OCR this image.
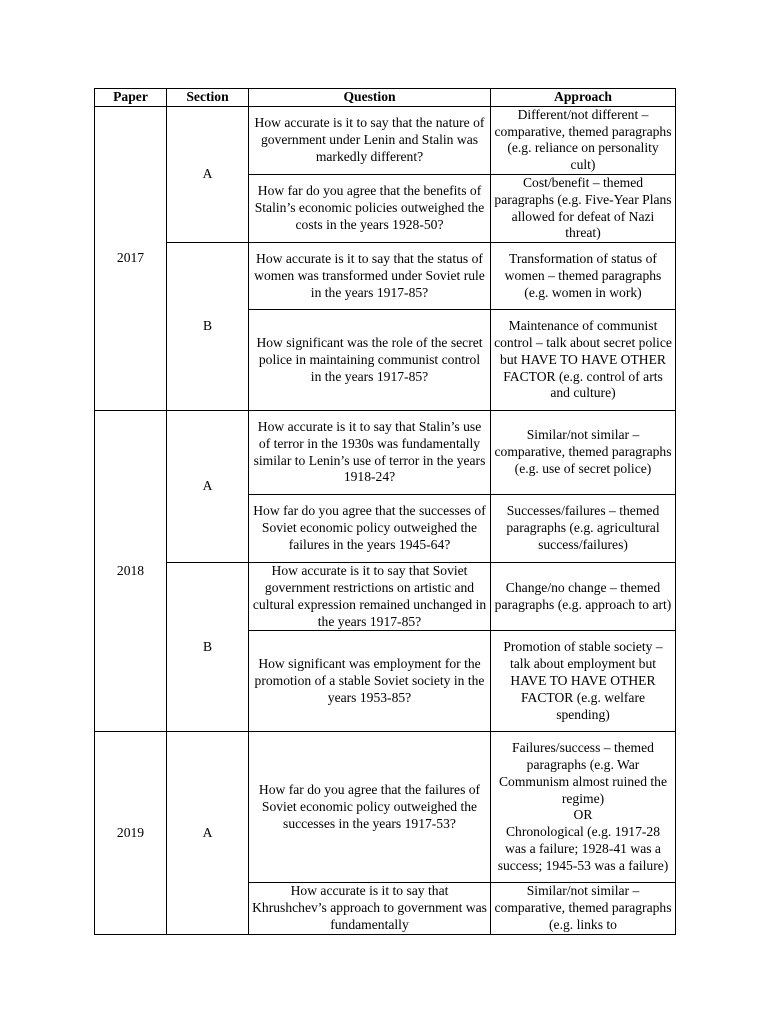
Paper	Section	Question	Approach
2017	A	How accurate is it to say that the nature of government under Lenin and Stalin was markedly different?	Different/not different – comparative, themed paragraphs (e.g. reliance on personality cult)
		How far do you agree that the benefits of Stalin’s economic policies outweighed the costs in the years 1928-50?	Cost/benefit – themed paragraphs (e.g. Five-Year Plans allowed for defeat of Nazi threat)
	B	How accurate is it to say that the status of women was transformed under Soviet rule in the years 1917-85?	Transformation of status of women – themed paragraphs (e.g. women in work)
		How significant was the role of the secret police in maintaining communist control in the years 1917-85?	Maintenance of communist control – talk about secret police but HAVE TO HAVE OTHER FACTOR (e.g. control of arts and culture)
2018	A	How accurate is it to say that Stalin’s use of terror in the 1930s was fundamentally similar to Lenin’s use of terror in the years 1918-24?	Similar/not similar – comparative, themed paragraphs (e.g. use of secret police)
		How far do you agree that the successes of Soviet economic policy outweighed the failures in the years 1945-64?	Successes/failures – themed paragraphs (e.g. agricultural success/failures)
	B	How accurate is it to say that Soviet government restrictions on artistic and cultural expression remained unchanged in the years 1917-85?	Change/no change – themed paragraphs (e.g. approach to art)
		How significant was employment for the promotion of a stable Soviet society in the years 1953-85?	Promotion of stable society – talk about employment but HAVE TO HAVE OTHER FACTOR (e.g. welfare spending)
2019	A	How far do you agree that the failures of Soviet economic policy outweighed the successes in the years 1917-53?	Failures/success – themed paragraphs (e.g. War Communism almost ruined the regime)
OR
Chronological (e.g. 1917-28 was a failure; 1928-41 was a success; 1945-53 was a failure)
		How accurate is it to say that Khrushchev’s approach to government was fundamentally	Similar/not similar – comparative, themed paragraphs (e.g. links to
